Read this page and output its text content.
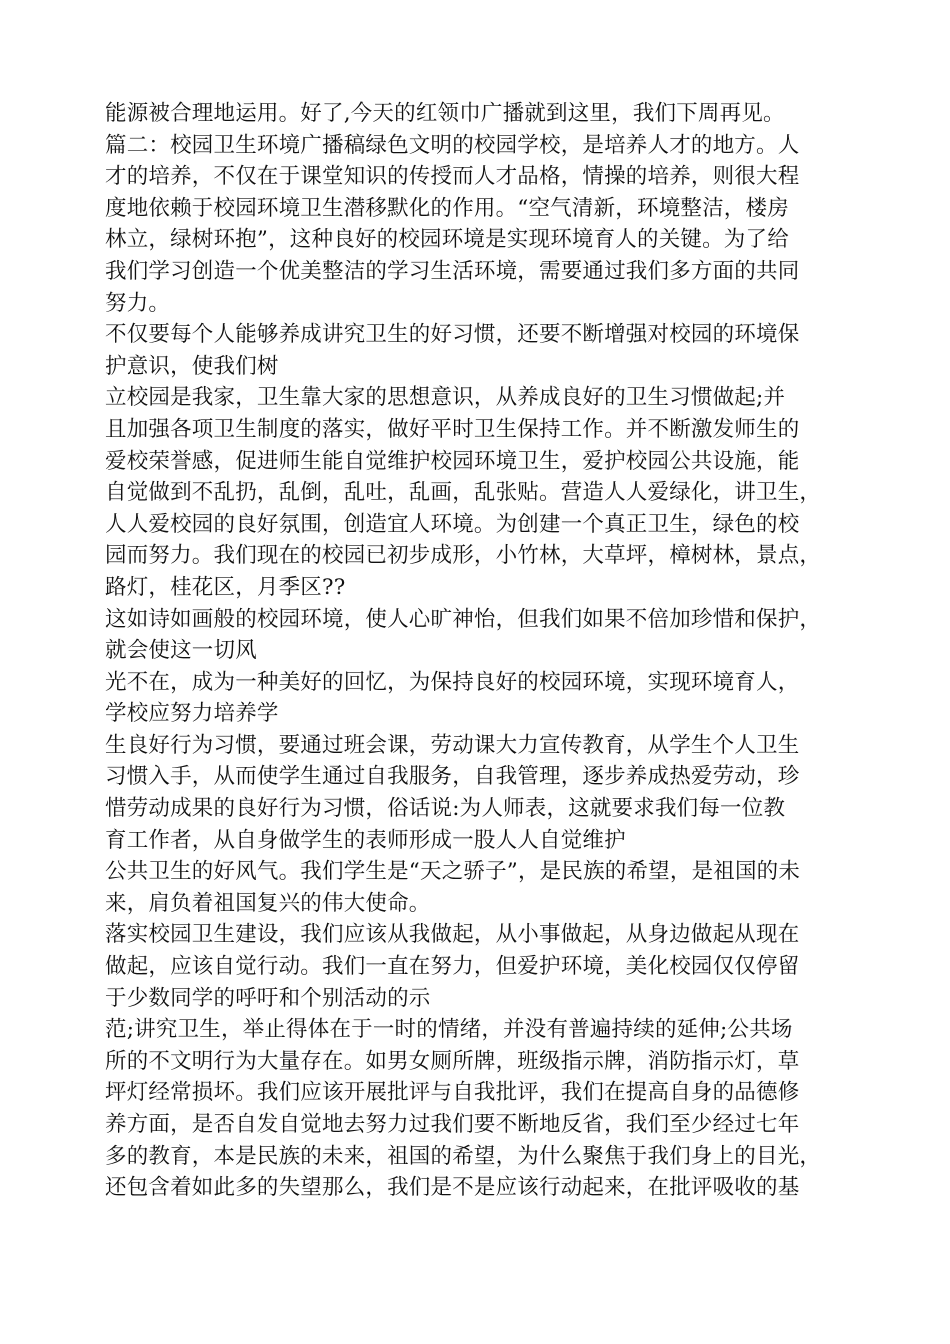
能源被合理地运用。好了,今天的红领巾广播就到这里，我们下周再见。
篇二：校园卫生环境广播稿绿色文明的校园学校，是培养人才的地方。人
才的培养，不仅在于课堂知识的传授而人才品格，情操的培养，则很大程
度地依赖于校园环境卫生潜移默化的作用。“空气清新，环境整洁，楼房
林立，绿树环抱”，这种良好的校园环境是实现环境育人的关键。为了给
我们学习创造一个优美整洁的学习生活环境，需要通过我们多方面的共同
努力。
不仅要每个人能够养成讲究卫生的好习惯，还要不断增强对校园的环境保
护意识，使我们树
立校园是我家，卫生靠大家的思想意识，从养成良好的卫生习惯做起;并
且加强各项卫生制度的落实，做好平时卫生保持工作。并不断激发师生的
爱校荣誉感，促进师生能自觉维护校园环境卫生，爱护校园公共设施，能
自觉做到不乱扔，乱倒，乱吐，乱画，乱张贴。营造人人爱绿化，讲卫生，
人人爱校园的良好氛围，创造宜人环境。为创建一个真正卫生，绿色的校
园而努力。我们现在的校园已初步成形，小竹林，大草坪，樟树林，景点，
路灯，桂花区，月季区??
这如诗如画般的校园环境，使人心旷神怡，但我们如果不倍加珍惜和保护，
就会使这一切风
光不在，成为一种美好的回忆，为保持良好的校园环境，实现环境育人，
学校应努力培养学
生良好行为习惯，要通过班会课，劳动课大力宣传教育，从学生个人卫生
习惯入手，从而使学生通过自我服务，自我管理，逐步养成热爱劳动，珍
惜劳动成果的良好行为习惯，俗话说:为人师表，这就要求我们每一位教
育工作者，从自身做学生的表师形成一股人人自觉维护
公共卫生的好风气。我们学生是“天之骄子”，是民族的希望，是祖国的未
来，肩负着祖国复兴的伟大使命。
落实校园卫生建设，我们应该从我做起，从小事做起，从身边做起从现在
做起，应该自觉行动。我们一直在努力，但爱护环境，美化校园仅仅停留
于少数同学的呼吁和个别活动的示
范;讲究卫生，举止得体在于一时的情绪，并没有普遍持续的延伸;公共场
所的不文明行为大量存在。如男女厕所牌，班级指示牌，消防指示灯，草
坪灯经常损坏。我们应该开展批评与自我批评，我们在提高自身的品德修
养方面，是否自发自觉地去努力过我们要不断地反省，我们至少经过七年
多的教育，本是民族的未来，祖国的希望，为什么聚焦于我们身上的目光，
还包含着如此多的失望那么，我们是不是应该行动起来，在批评吸收的基
